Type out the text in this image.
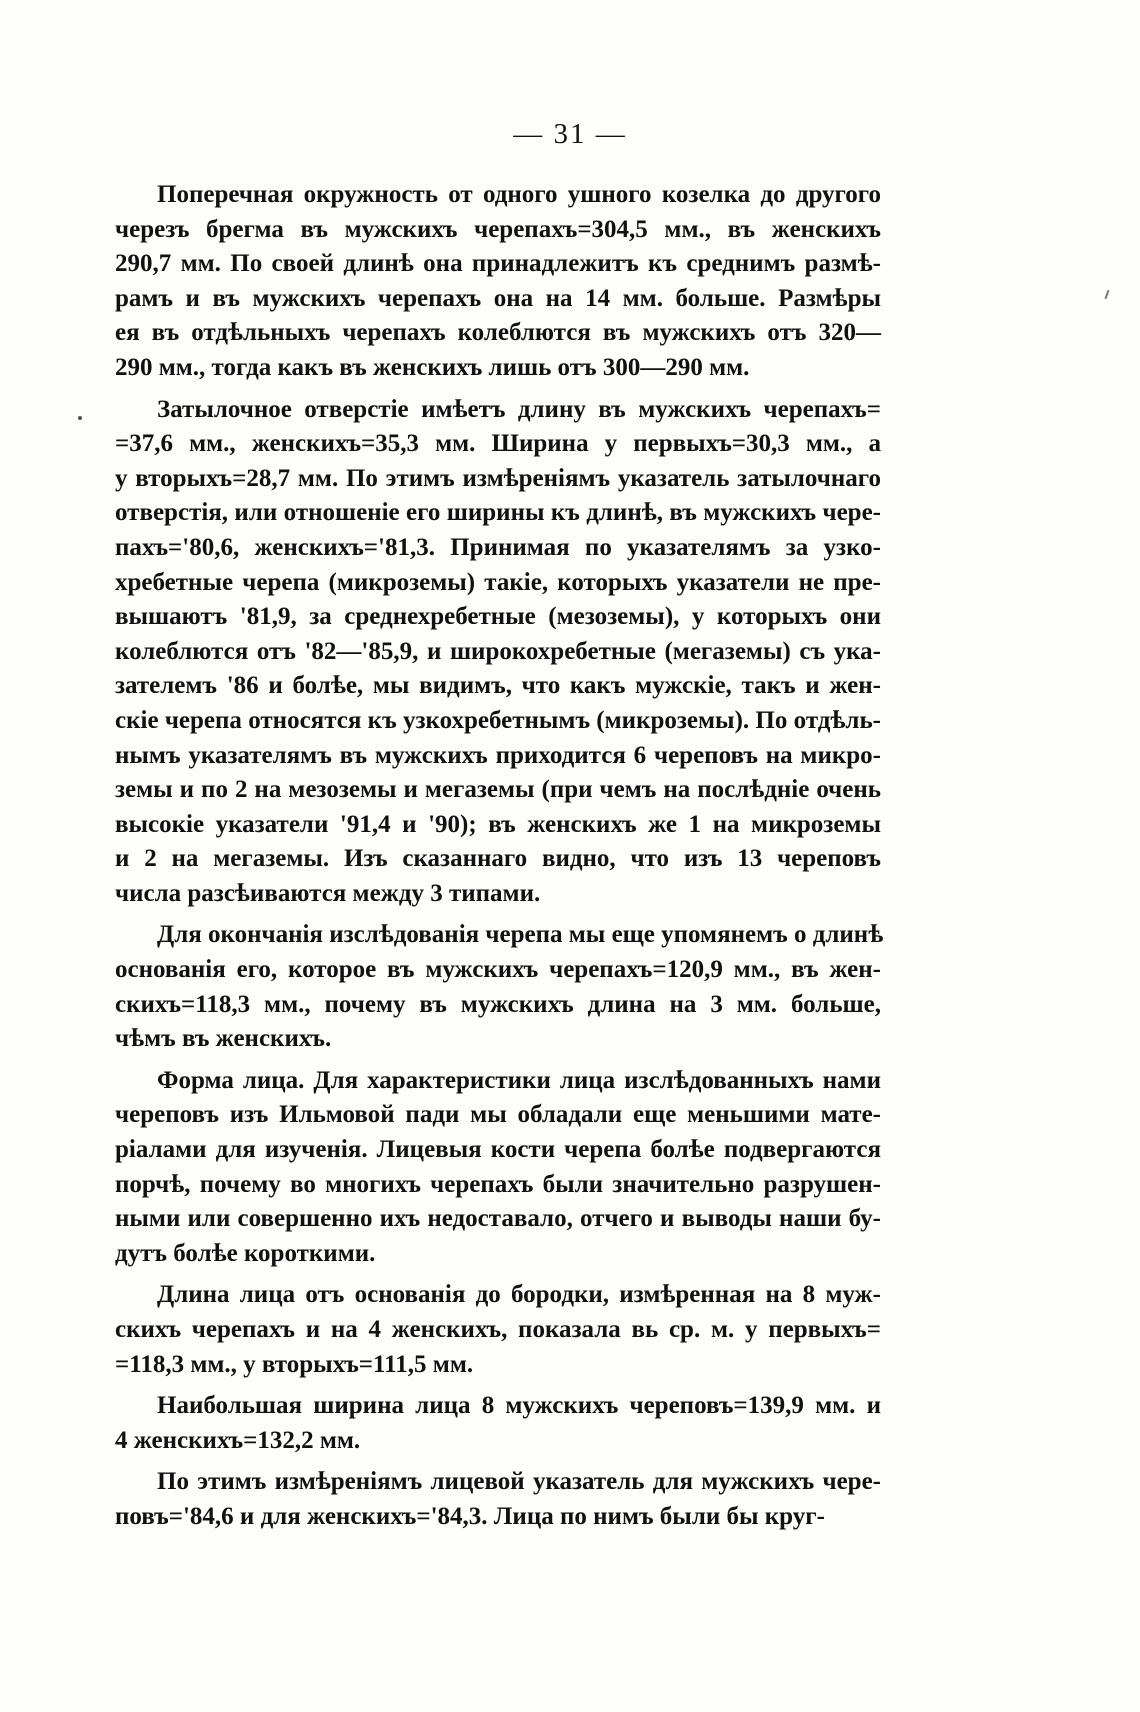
— 31 —
Поперечная окружность от одного ушного козелка до другого
черезъ брегма въ мужскихъ черепахъ=304,5 мм., въ женскихъ
290,7 мм. По своей длинѣ она принадлежитъ къ среднимъ размѣ-
рамъ и въ мужскихъ черепахъ она на 14 мм. больше. Размѣры
ея въ отдѣльныхъ черепахъ колеблются въ мужскихъ отъ 320—
290 мм., тогда какъ въ женскихъ лишь отъ 300—290 мм.
Затылочное отверстіе имѣетъ длину въ мужскихъ черепахъ=
=37,6 мм., женскихъ=35,3 мм. Ширина у первыхъ=30,3 мм., а
у вторыхъ=28,7 мм. По этимъ измѣреніямъ указатель затылочнаго
отверстія, или отношеніе его ширины къ длинѣ, въ мужскихъ чере-
пахъ='80,6, женскихъ='81,3. Принимая по указателямъ за узко-
хребетные черепа (микроземы) такіе, которыхъ указатели не пре-
вышаютъ '81,9, за среднехребетные (мезоземы), у которыхъ они
колеблются отъ '82—'85,9, и широкохребетные (мегаземы) съ ука-
зателемъ '86 и болѣе, мы видимъ, что какъ мужскіе, такъ и жен-
скіе черепа относятся къ узкохребетнымъ (микроземы). По отдѣль-
нымъ указателямъ въ мужскихъ приходится 6 череповъ на микро-
земы и по 2 на мезоземы и мегаземы (при чемъ на послѣдніе очень
высокіе указатели '91,4 и '90); въ женскихъ же 1 на микроземы
и 2 на мегаземы. Изъ сказаннаго видно, что изъ 13 череповъ
числа разсѣиваются между 3 типами.
Для окончанія изслѣдованія черепа мы еще упомянемъ о длинѣ
основанія его, которое въ мужскихъ черепахъ=120,9 мм., въ жен-
скихъ=118,3 мм., почему въ мужскихъ длина на 3 мм. больше,
чѣмъ въ женскихъ.
Форма лица. Для характеристики лица изслѣдованныхъ нами
череповъ изъ Ильмовой пади мы обладали еще меньшими мате-
ріалами для изученія. Лицевыя кости черепа болѣе подвергаются
порчѣ, почему во многихъ черепахъ были значительно разрушен-
ными или совершенно ихъ недоставало, отчего и выводы наши бу-
дутъ болѣе короткими.
Длина лица отъ основанія до бородки, измѣренная на 8 муж-
скихъ черепахъ и на 4 женскихъ, показала вь ср. м. у первыхъ=
=118,3 мм., у вторыхъ=111,5 мм.
Наибольшая ширина лица 8 мужскихъ череповъ=139,9 мм. и
4 женскихъ=132,2 мм.
По этимъ измѣреніямъ лицевой указатель для мужскихъ чере-
повъ='84,6 и для женскихъ='84,3. Лица по нимъ были бы круг-
